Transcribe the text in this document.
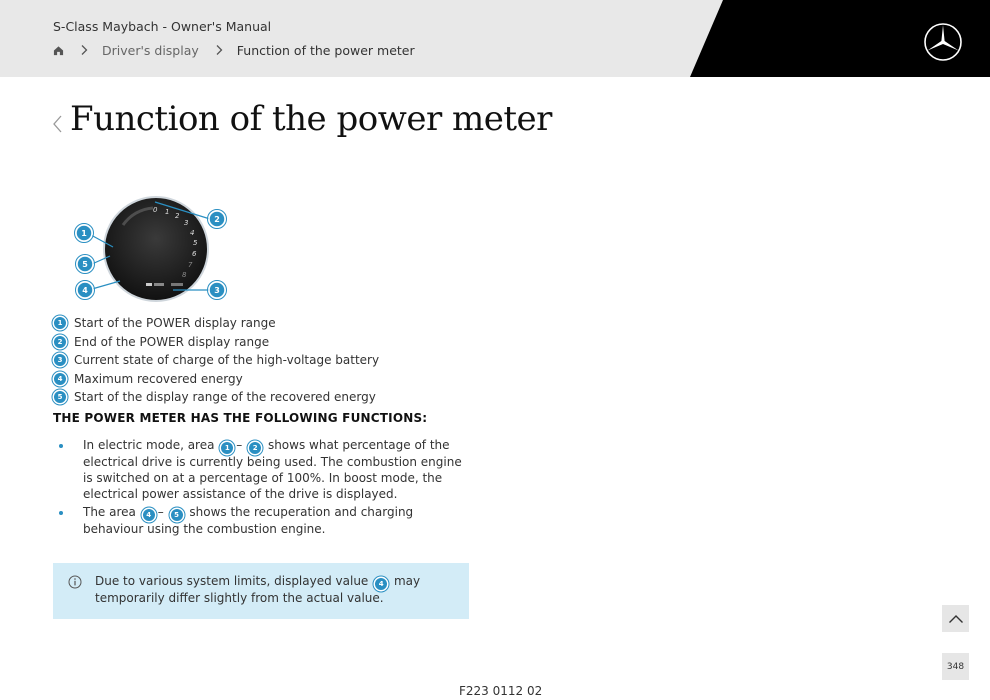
S-Class Maybach - Owner's Manual
Driver's display	Function of the power meter
Function of the power meter
0 1 2
3
4
5
6
7
8
1
2
3
5
4
1 Start of the POWER display range
2 End of the POWER display range
3 Current state of charge of the high-voltage battery
4 Maximum recovered energy
5 Start of the display range of the recovered energy
THE POWER METER HAS THE FOLLOWING FUNCTIONS:
In electric mode, area 1 – 2 shows what percentage of the electrical drive is currently being used. The combustion engine is switched on at a percentage of 100%. In boost mode, the electrical power assistance of the drive is displayed.
The area 4 – 5 shows the recuperation and charging behaviour using the combustion engine.
Due to various system limits, displayed value 4 may temporarily differ slightly from the actual value.
348
F223 0112 02
